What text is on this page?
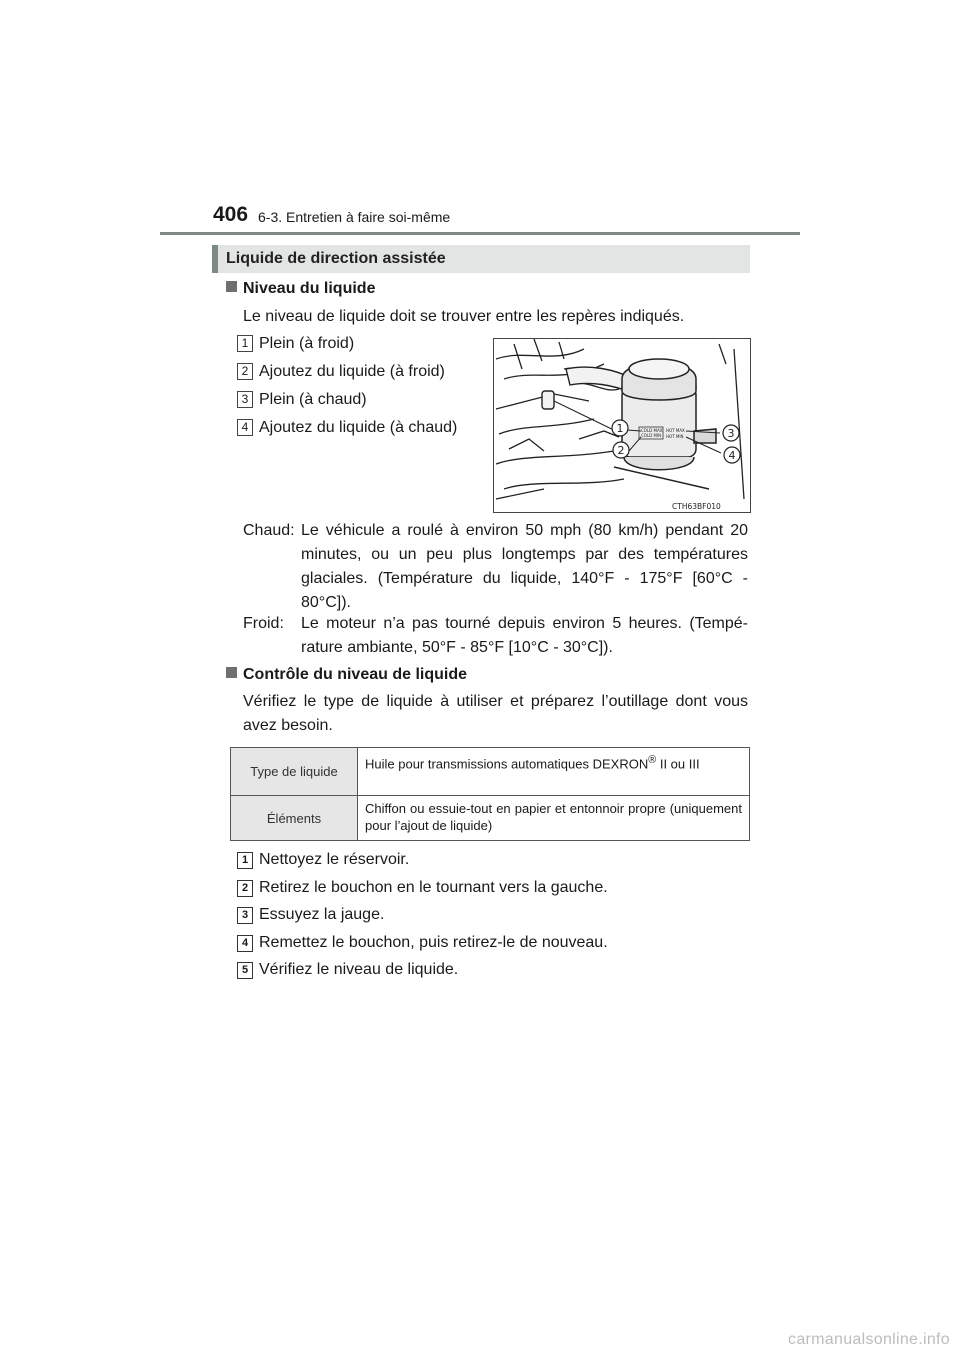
406 6-3. Entretien à faire soi-même
Liquide de direction assistée
Niveau du liquide
Le niveau de liquide doit se trouver entre les repères indiqués.
1 Plein (à froid)
2 Ajoutez du liquide (à froid)
3 Plein (à chaud)
4 Ajoutez du liquide (à chaud)	COLD MAX
COLD MIN
HOT MAX
HOT MIN
1
2
3
4
CTH63BF010
Chaud: Le véhicule a roulé à environ 50 mph (80 km/h) pendant 20 minutes, ou un peu plus longtemps par des températures glaciales. (Température du liquide, 140°F - 175°F [60°C - 80°C]).
Froid:	Le moteur n’a pas tourné depuis environ 5 heures. (Tempé-rature ambiante, 50°F - 85°F [10°C - 30°C]).
Contrôle du niveau de liquide
Vérifiez le type de liquide à utiliser et préparez l’outillage dont vous avez besoin.
Type de liquide	Huile pour transmissions automatiques DEXRON® II ou III
Éléments	Chiffon ou essuie-tout en papier et entonnoir propre (uniquement pour l’ajout de liquide)
1 Nettoyez le réservoir.
2 Retirez le bouchon en le tournant vers la gauche.
3 Essuyez la jauge.
4 Remettez le bouchon, puis retirez-le de nouveau.
5 Vérifiez le niveau de liquide.
carmanualsonline.info
